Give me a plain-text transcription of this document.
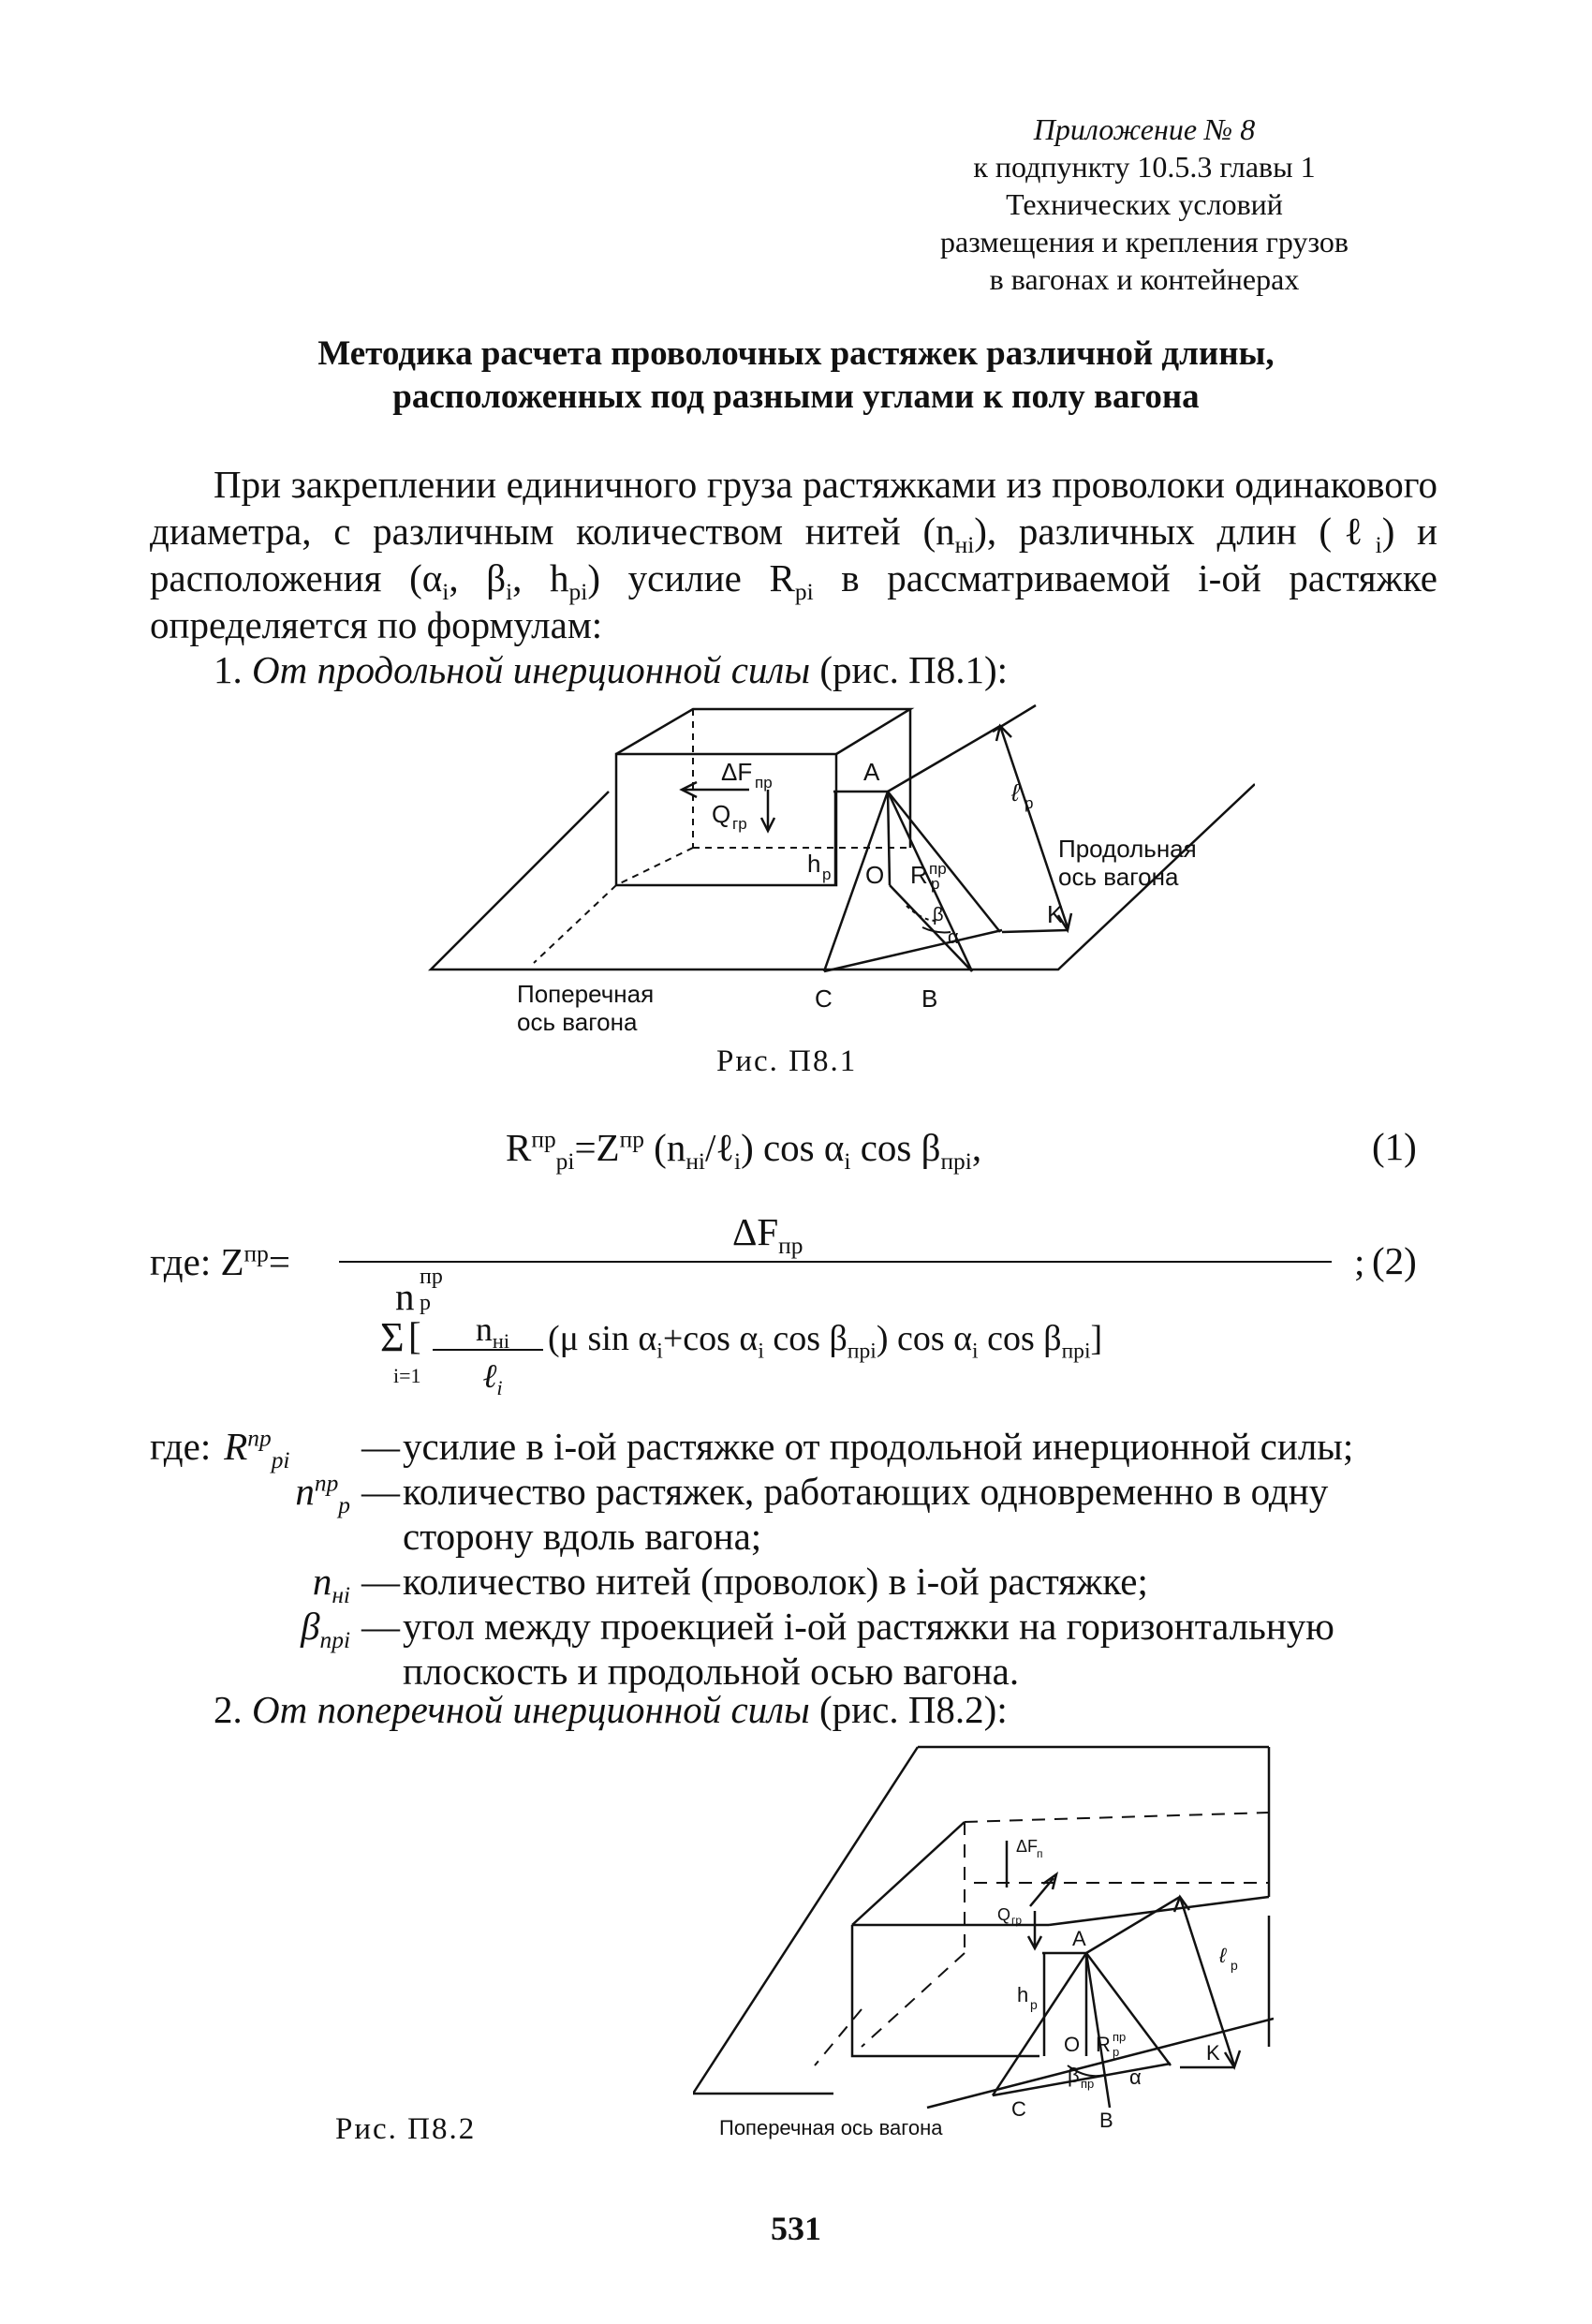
Приложение № 8
к подпункту 10.5.3 главы 1
Технических условий
размещения и крепления грузов
в вагонах и контейнерах
Методика расчета проволочных растяжек различной длины,
расположенных под разными углами к полу вагона
При закреплении единичного груза растяжками из проволоки одинакового диаметра, с различным количеством нитей $(n_{нi})$, различных длин (ℓ$_i$) и расположения ($\alpha_i$, $\beta_i$, $h_{pi}$) усилие $R_{pi}$ в рассматриваемой i-ой растяжке определяется по формулам:
1. От продольной инерционной силы (рис. П8.1):
ΔF пр
Q гр
A
h р O R пр
р
ℓ р
K
β
α
C	B
Продольная
ось вагона
Поперечная
ось вагона
Рис. П8.1
$R^{пр}_{pi}=Z^{пр}$ $(n_{нi}/\ell_i)$ $\cos \alpha_i$ $\cos \beta_{прi}$,	(1)
где: $Z^{пр}=$
$\Delta F_{пр}$	; (2)
пр
n р
Σ
i=1
[	$n_{нi}$
ℓ$_i$
(μ $\sin \alpha_i+\cos$ $\alpha_i$ $\cos \beta_{прi}$) $\cos \alpha_i$ $\cos \beta_{прi}$]
где: $R^{пр}_{pi}$	— усилие в i-ой растяжке от продольной инерционной силы;
$n^{пр}_p$ — количество растяжек, работающих одновременно в одну сторону вдоль вагона;
$n_{нi}$ — количество нитей (проволок) в i-ой растяжке;
$\beta_{прi}$ — угол между проекцией i-ой растяжки на горизонтальную плоскость и продольной осью вагона.
2. От поперечной инерционной силы (рис. П8.2):
ΔF
п
Q гр
A
h р
O R пр
р
ℓ р
K
β пр α
C	B
Поперечная ось вагона
Рис. П8.2
531
